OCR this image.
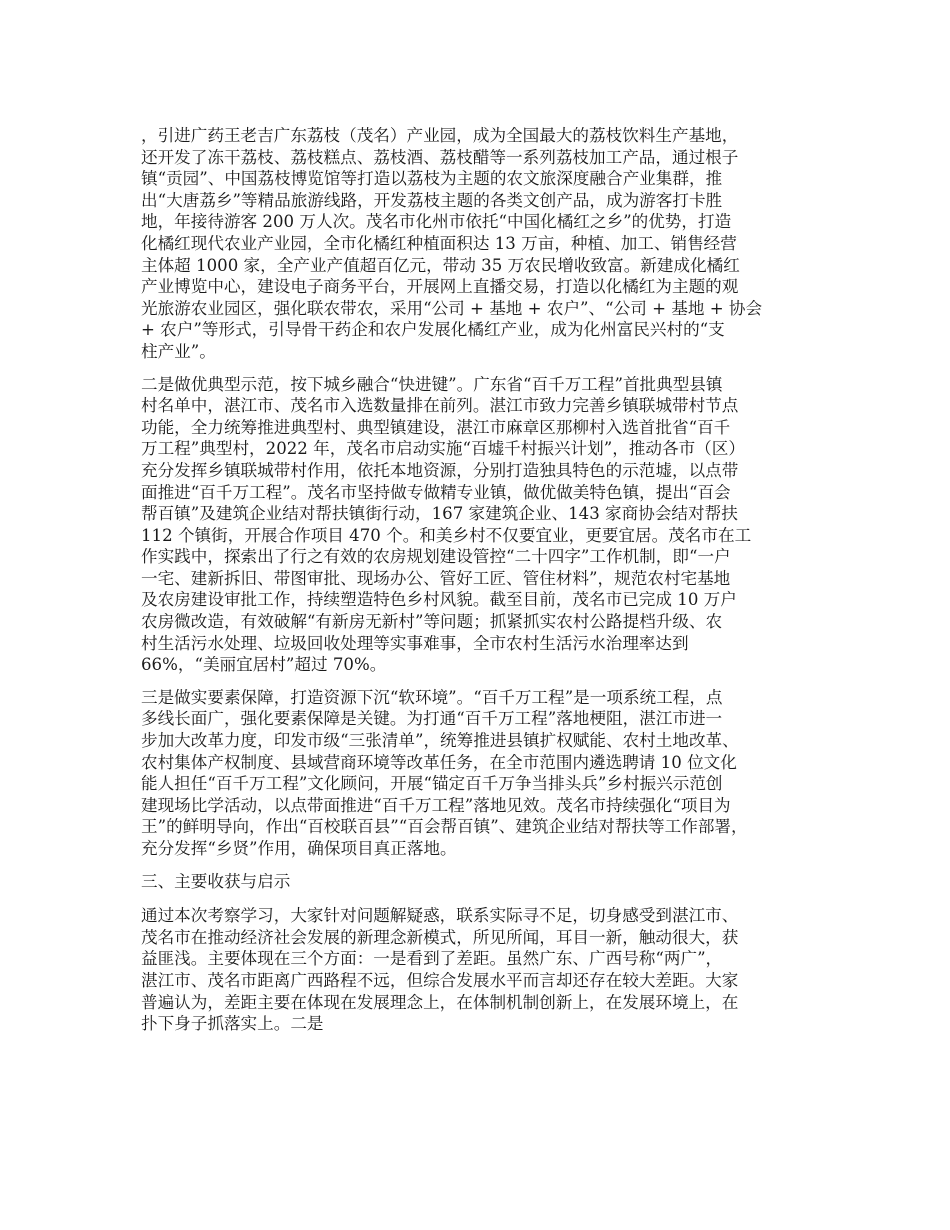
，引进广药王老吉广东荔枝（茂名）产业园，成为全国最大的荔枝饮料生产基地，
还开发了冻干荔枝、荔枝糕点、荔枝酒、荔枝醋等一系列荔枝加工产品，通过根子
镇“贡园”、中国荔枝博览馆等打造以荔枝为主题的农文旅深度融合产业集群，推
出“大唐荔乡”等精品旅游线路，开发荔枝主题的各类文创产品，成为游客打卡胜
地，年接待游客 200 万人次。茂名市化州市依托“中国化橘红之乡”的优势，打造
化橘红现代农业产业园，全市化橘红种植面积达 13 万亩，种植、加工、销售经营
主体超 1000 家，全产业产值超百亿元，带动 35 万农民增收致富。新建成化橘红
产业博览中心，建设电子商务平台，开展网上直播交易，打造以化橘红为主题的观
光旅游农业园区，强化联农带农，采用“公司 + 基地 + 农户”、“公司 + 基地 + 协会
+ 农户”等形式，引导骨干药企和农户发展化橘红产业，成为化州富民兴村的“支
柱产业”。

二是做优典型示范，按下城乡融合“快进键”。广东省“百千万工程”首批典型县镇
村名单中，湛江市、茂名市入选数量排在前列。湛江市致力完善乡镇联城带村节点
功能，全力统筹推进典型村、典型镇建设，湛江市麻章区那柳村入选首批省“百千
万工程”典型村，2022 年，茂名市启动实施“百墟千村振兴计划”，推动各市（区）
充分发挥乡镇联城带村作用，依托本地资源，分别打造独具特色的示范墟，以点带
面推进“百千万工程”。茂名市坚持做专做精专业镇，做优做美特色镇，提出“百会
帮百镇”及建筑企业结对帮扶镇街行动，167 家建筑企业、143 家商协会结对帮扶
112 个镇街，开展合作项目 470 个。和美乡村不仅要宜业，更要宜居。茂名市在工
作实践中，探索出了行之有效的农房规划建设管控“二十四字”工作机制，即“一户
一宅、建新拆旧、带图审批、现场办公、管好工匠、管住材料”，规范农村宅基地
及农房建设审批工作，持续塑造特色乡村风貌。截至目前，茂名市已完成 10 万户
农房微改造，有效破解“有新房无新村”等问题；抓紧抓实农村公路提档升级、农
村生活污水处理、垃圾回收处理等实事难事，全市农村生活污水治理率达到
66%，“美丽宜居村”超过 70%。

三是做实要素保障，打造资源下沉“软环境”。“百千万工程”是一项系统工程，点
多线长面广，强化要素保障是关键。为打通“百千万工程”落地梗阻，湛江市进一
步加大改革力度，印发市级“三张清单”，统筹推进县镇扩权赋能、农村土地改革、
农村集体产权制度、县域营商环境等改革任务，在全市范围内遴选聘请 10 位文化
能人担任“百千万工程”文化顾问，开展“锚定百千万争当排头兵”乡村振兴示范创
建现场比学活动，以点带面推进“百千万工程”落地见效。茂名市持续强化“项目为
王”的鲜明导向，作出“百校联百县”“百会帮百镇”、建筑企业结对帮扶等工作部署，
充分发挥“乡贤”作用，确保项目真正落地。

三、主要收获与启示

通过本次考察学习，大家针对问题解疑惑，联系实际寻不足，切身感受到湛江市、
茂名市在推动经济社会发展的新理念新模式，所见所闻，耳目一新，触动很大，获
益匪浅。主要体现在三个方面：一是看到了差距。虽然广东、广西号称“两广”，
湛江市、茂名市距离广西路程不远，但综合发展水平而言却还存在较大差距。大家
普遍认为，差距主要在体现在发展理念上，在体制机制创新上，在发展环境上，在
扑下身子抓落实上。二是
